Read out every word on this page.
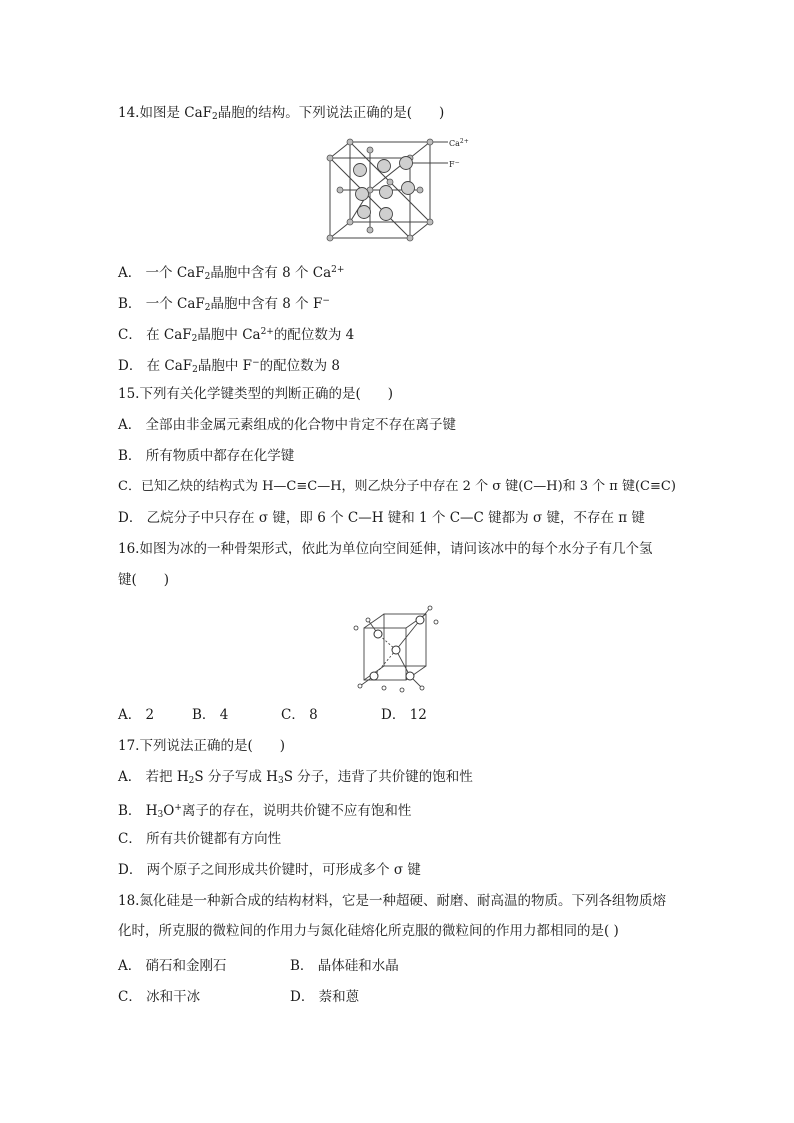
14.如图是 CaF$_2$晶胞的结构。下列说法正确的是(　　)
$Ca^{2+}$
F−
A． 一个 CaF$_2$晶胞中含有 8 个 $Ca^{2+}$
B． 一个 CaF$_2$晶胞中含有 8 个 F−
C． 在 CaF$_2$晶胞中 $Ca^{2+}$的配位数为 4
D． 在 CaF$_2$晶胞中 F−的配位数为 8
15.下列有关化学键类型的判断正确的是(　　)
A． 全部由非金属元素组成的化合物中肯定不存在离子键
B． 所有物质中都存在化学键
C．已知乙炔的结构式为 H—C≡C—H，则乙炔分子中存在 2 个 σ 键(C—H)和 3 个 π 键(C≡C)
D． 乙烷分子中只存在 σ 键，即 6 个 C—H 键和 1 个 C—C 键都为 σ 键，不存在 π 键
16.如图为冰的一种骨架形式，依此为单位向空间延伸，请问该冰中的每个水分子有几个氢
键(　　)
A． 2	B． 4	C． 8	D． 12
17.下列说法正确的是(　　)
A． 若把 $H_2S$ 分子写成 $H_3S$ 分子，违背了共价键的饱和性
B． $H_3O^+$离子的存在，说明共价键不应有饱和性
C． 所有共价键都有方向性
D． 两个原子之间形成共价键时，可形成多个 σ 键
18.氮化硅是一种新合成的结构材料，它是一种超硬、耐磨、耐高温的物质。下列各组物质熔化时，所克服的微粒间的作用力与氮化硅熔化所克服的微粒间的作用力都相同的是( )
A． 硝石和金刚石	B． 晶体硅和水晶
C． 冰和干冰	D． 萘和蒽
